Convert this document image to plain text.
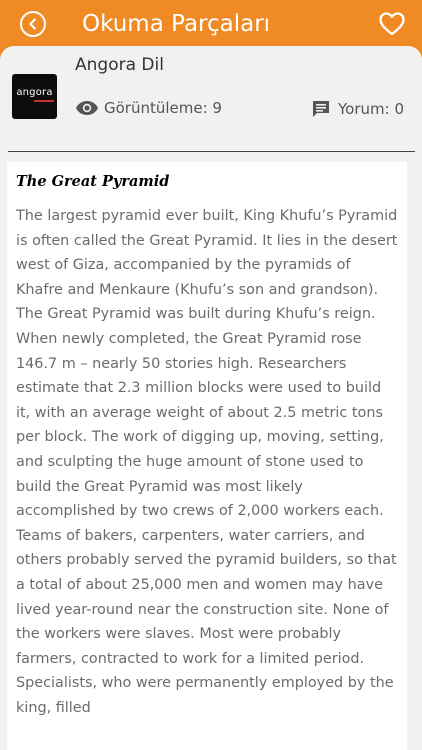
Okuma Parçaları
angora
Angora Dil
Görüntüleme: 9	Yorum: 0
The Great Pyramid

The largest pyramid ever built, King Khufu’s Pyramid is often called the Great Pyramid. It lies in the desert west of Giza, accompanied by the pyramids of Khafre and Menkaure (Khufu’s son and grandson). The Great Pyramid was built during Khufu’s reign. When newly completed, the Great Pyramid rose 146.7 m – nearly 50 stories high. Researchers estimate that 2.3 million blocks were used to build it, with an average weight of about 2.5 metric tons per block. The work of digging up, moving, setting, and sculpting the huge amount of stone used to build the Great Pyramid was most likely accomplished by two crews of 2,000 workers each. Teams of bakers, carpenters, water carriers, and others probably served the pyramid builders, so that a total of about 25,000 men and women may have lived year-round near the construction site. None of the workers were slaves. Most were probably farmers, contracted to work for a limited period. Specialists, who were permanently employed by the king, filled
